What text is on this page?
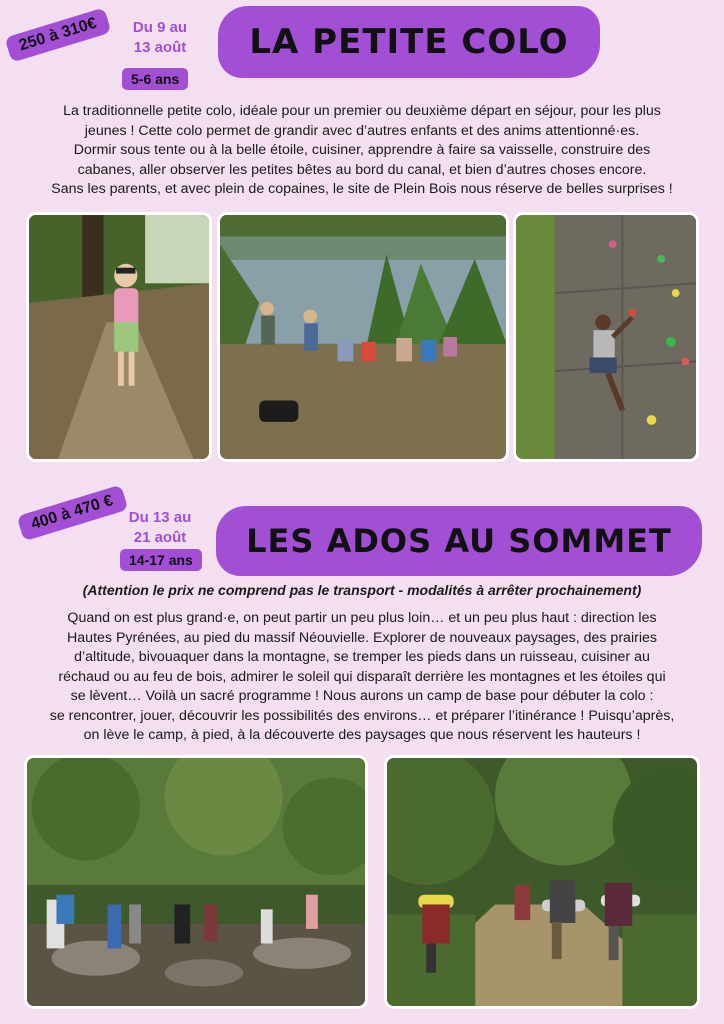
250 à 310€	Du 9 au
13 août
5-6 ans
LA PETITE COLO
La traditionnelle petite colo, idéale pour un premier ou deuxième départ en séjour, pour les plus
jeunes ! Cette colo permet de grandir avec d’autres enfants et des anims attentionné·es.
Dormir sous tente ou à la belle étoile, cuisiner, apprendre à faire sa vaisselle, construire des
cabanes, aller observer les petites bêtes au bord du canal, et bien d’autres choses encore.
Sans les parents, et avec plein de copaines, le site de Plein Bois nous réserve de belles surprises !
400 à 470 € Du 13 au
21 août
14-17 ans	LES ADOS AU SOMMET
(Attention le prix ne comprend pas le transport - modalités à arrêter prochainement)
Quand on est plus grand·e, on peut partir un peu plus loin… et un peu plus haut : direction les
Hautes Pyrénées, au pied du massif Néouvielle. Explorer de nouveaux paysages, des prairies
d’altitude, bivouaquer dans la montagne, se tremper les pieds dans un ruisseau, cuisiner au
réchaud ou au feu de bois, admirer le soleil qui disparaît derrière les montagnes et les étoiles qui
se lèvent… Voilà un sacré programme ! Nous aurons un camp de base pour débuter la colo :
se rencontrer, jouer, découvrir les possibilités des environs… et préparer l’itinérance ! Puisqu’après,
on lève le camp, à pied, à la découverte des paysages que nous réservent les hauteurs !
